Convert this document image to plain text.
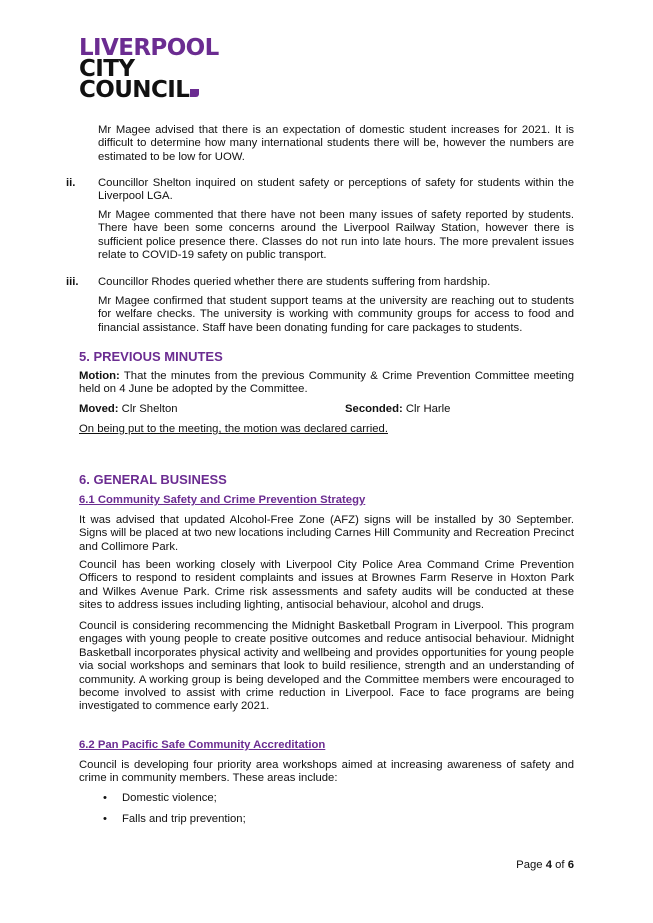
LIVERPOOL
CITY
COUNCIL

Mr Magee advised that there is an expectation of domestic student increases for 2021. It is difficult to determine how many international students there will be, however the numbers are estimated to be low for UOW.

ii. Councillor Shelton inquired on student safety or perceptions of safety for students within the Liverpool LGA.

Mr Magee commented that there have not been many issues of safety reported by students. There have been some concerns around the Liverpool Railway Station, however there is sufficient police presence there. Classes do not run into late hours. The more prevalent issues relate to COVID-19 safety on public transport.

iii. Councillor Rhodes queried whether there are students suffering from hardship.

Mr Magee confirmed that student support teams at the university are reaching out to students for welfare checks. The university is working with community groups for access to food and financial assistance. Staff have been donating funding for care packages to students.

5. PREVIOUS MINUTES

Motion: That the minutes from the previous Community & Crime Prevention Committee meeting held on 4 June be adopted by the Committee.

Moved: Clr Shelton	Seconded: Clr Harle

On being put to the meeting, the motion was declared carried.

6. GENERAL BUSINESS

6.1 Community Safety and Crime Prevention Strategy

It was advised that updated Alcohol-Free Zone (AFZ) signs will be installed by 30 September. Signs will be placed at two new locations including Carnes Hill Community and Recreation Precinct and Collimore Park.

Council has been working closely with Liverpool City Police Area Command Crime Prevention Officers to respond to resident complaints and issues at Brownes Farm Reserve in Hoxton Park and Wilkes Avenue Park. Crime risk assessments and safety audits will be conducted at these sites to address issues including lighting, antisocial behaviour, alcohol and drugs.

Council is considering recommencing the Midnight Basketball Program in Liverpool. This program engages with young people to create positive outcomes and reduce antisocial behaviour. Midnight Basketball incorporates physical activity and wellbeing and provides opportunities for young people via social workshops and seminars that look to build resilience, strength and an understanding of community. A working group is being developed and the Committee members were encouraged to become involved to assist with crime reduction in Liverpool. Face to face programs are being investigated to commence early 2021.

6.2 Pan Pacific Safe Community Accreditation

Council is developing four priority area workshops aimed at increasing awareness of safety and crime in community members. These areas include:

• Domestic violence;
• Falls and trip prevention;
Page 4 of 6
